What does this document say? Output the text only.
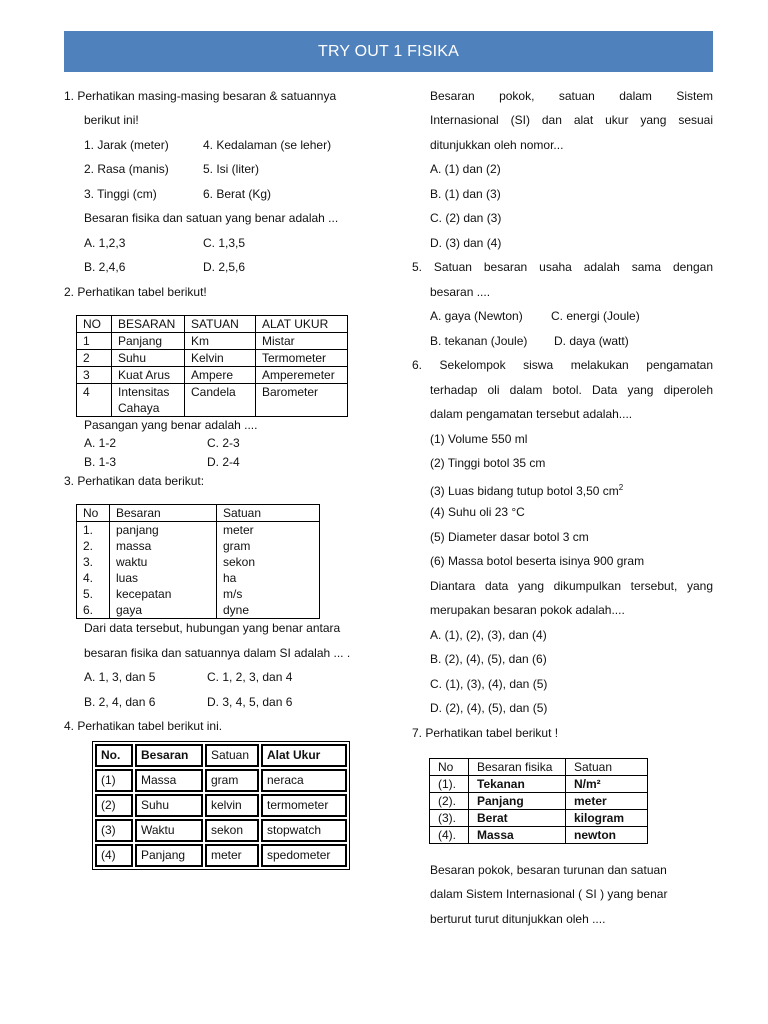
TRY OUT 1 FISIKA
1. Perhatikan masing-masing besaran & satuannya
berikut ini!
1. Jarak (meter)	4. Kedalaman (se leher)
2. Rasa (manis)	5. Isi (liter)
3. Tinggi (cm)	6. Berat (Kg)
Besaran fisika dan satuan yang benar adalah ...
A. 1,2,3	C. 1,3,5
B. 2,4,6	D. 2,5,6
2. Perhatikan tabel berikut!
NO	BESARAN	SATUAN	ALAT UKUR
1	Panjang	Km	Mistar
2	Suhu	Kelvin	Termometer
3	Kuat Arus	Ampere	Amperemeter
4	Intensitas Cahaya	Candela	Barometer
Pasangan yang benar adalah ....
A. 1-2	C. 2-3
B. 1-3	D. 2-4
3. Perhatikan data berikut:
No	Besaran	Satuan
1.	panjang	meter
2.	massa	gram
3.	waktu	sekon
4.	luas	ha
5.	kecepatan	m/s
6.	gaya	dyne
Dari data tersebut, hubungan yang benar antara
besaran fisika dan satuannya dalam SI adalah ... .
A. 1, 3, dan 5	C. 1, 2, 3, dan 4
B. 2, 4, dan 6	D. 3, 4, 5, dan 6
4. Perhatikan tabel berikut ini.
No.	Besaran	Satuan	Alat Ukur
(1)	Massa	gram	neraca
(2)	Suhu	kelvin	termometer
(3)	Waktu	sekon	stopwatch
(4)	Panjang	meter	spedometer
Besaran pokok, satuan dalam Sistem
Internasional (SI) dan alat ukur yang sesuai
ditunjukkan oleh nomor...
A. (1) dan (2)
B. (1) dan (3)
C. (2) dan (3)
D. (3) dan (4)
5. Satuan besaran usaha adalah sama dengan
besaran ....
A. gaya (Newton) C. energi (Joule)
B. tekanan (Joule) D. daya (watt)
6. Sekelompok siswa melakukan pengamatan
terhadap oli dalam botol. Data yang diperoleh
dalam pengamatan tersebut adalah....
(1) Volume 550 ml
(2) Tinggi botol 35 cm
(3) Luas bidang tutup botol 3,50 $cm^2$
(4) Suhu oli 23 °C
(5) Diameter dasar botol 3 cm
(6) Massa botol beserta isinya 900 gram
Diantara data yang dikumpulkan tersebut, yang
merupakan besaran pokok adalah....
A. (1), (2), (3), dan (4)
B. (2), (4), (5), dan (6)
C. (1), (3), (4), dan (5)
D. (2), (4), (5), dan (5)
7. Perhatikan tabel berikut !
No	Besaran fisika	Satuan
(1).	Tekanan	N/m²
(2).	Panjang	meter
(3).	Berat	kilogram
(4).	Massa	newton
Besaran pokok, besaran turunan dan satuan
dalam Sistem Internasional ( SI ) yang benar
berturut turut ditunjukkan oleh ....
